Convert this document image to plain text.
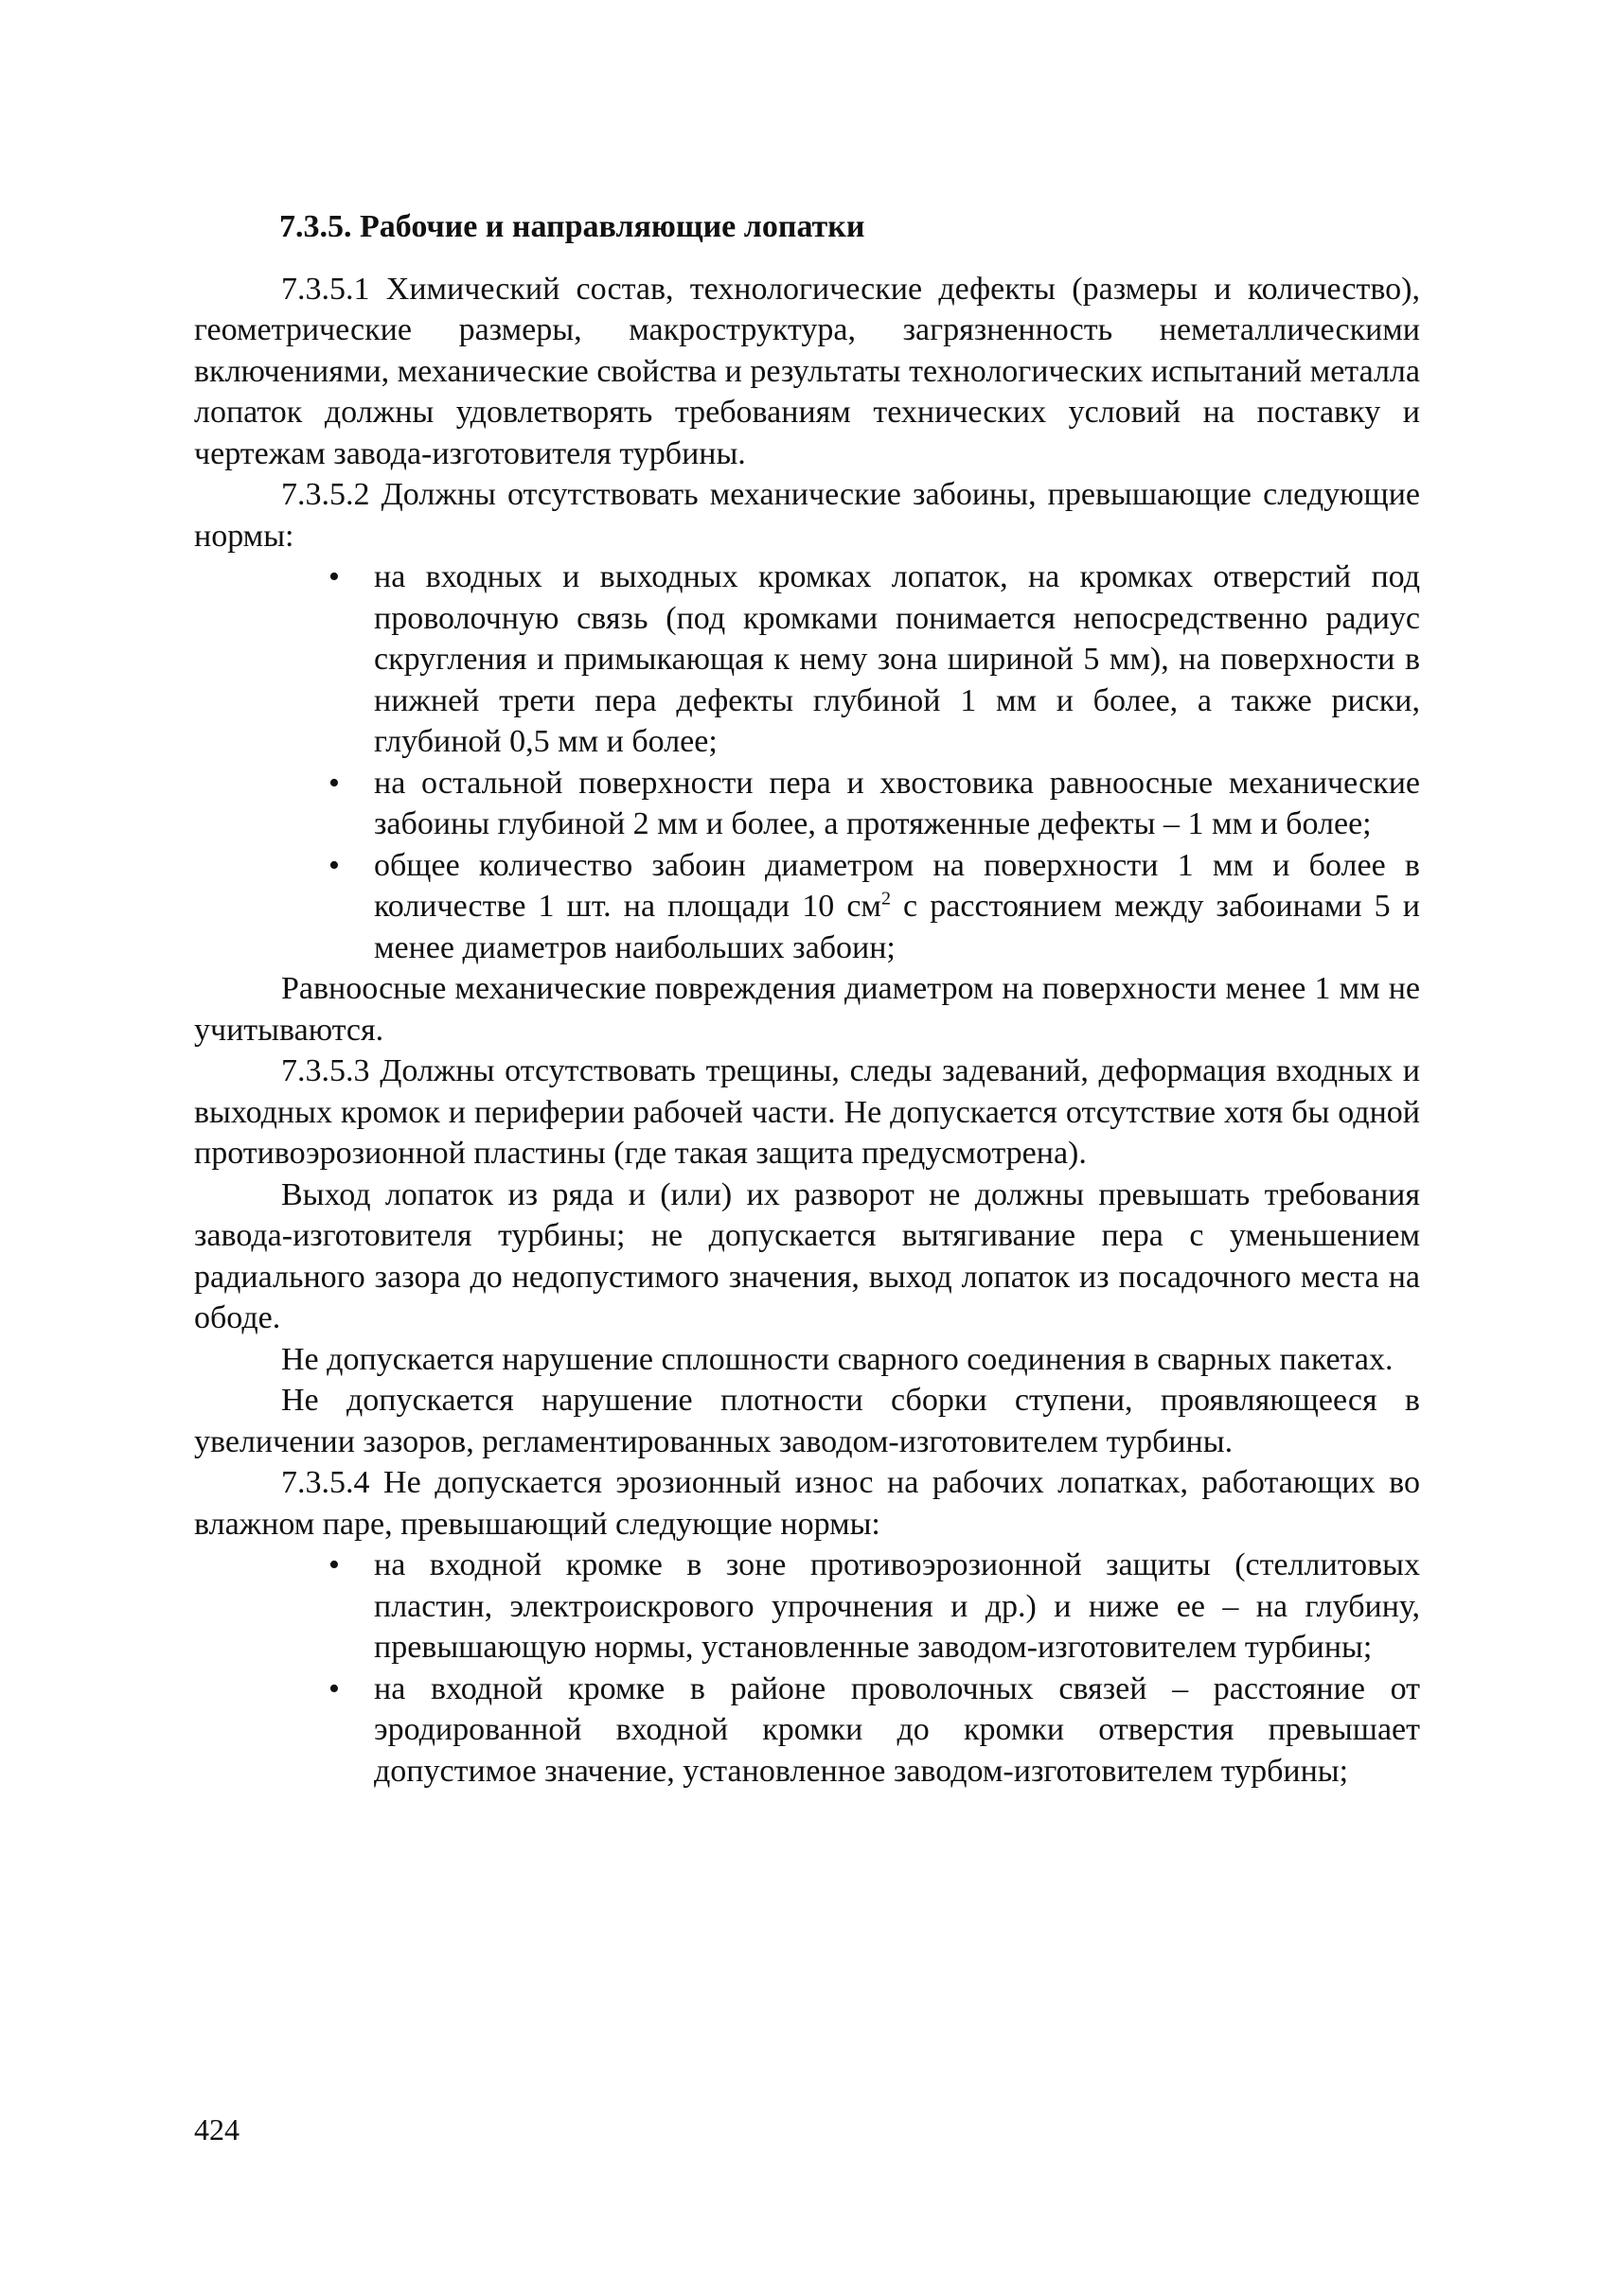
7.3.5. Рабочие и направляющие лопатки

7.3.5.1 Химический состав, технологические дефекты (размеры и количество), геометрические размеры, макроструктура, загрязненность неметаллическими включениями, механические свойства и результаты технологических испытаний металла лопаток должны удовлетворять требованиям технических условий на поставку и чертежам завода-изготовителя турбины.

7.3.5.2 Должны отсутствовать механические забоины, превышающие следующие нормы:

• на входных и выходных кромках лопаток, на кромках отверстий под проволочную связь (под кромками понимается непосредственно радиус скругления и примыкающая к нему зона шириной 5 мм), на поверхности в нижней трети пера дефекты глубиной 1 мм и более, а также риски, глубиной 0,5 мм и более;
• на остальной поверхности пера и хвостовика равноосные механические забоины глубиной 2 мм и более, а протяженные дефекты – 1 мм и более;
• общее количество забоин диаметром на поверхности 1 мм и более в количестве 1 шт. на площади 10 $см^2$ с расстоянием между забоинами 5 и менее диаметров наибольших забоин;

Равноосные механические повреждения диаметром на поверхности менее 1 мм не учитываются.

7.3.5.3 Должны отсутствовать трещины, следы задеваний, деформация входных и выходных кромок и периферии рабочей части. Не допускается отсутствие хотя бы одной противоэрозионной пластины (где такая защита предусмотрена).

Выход лопаток из ряда и (или) их разворот не должны превышать требования завода-изготовителя турбины; не допускается вытягивание пера с уменьшением радиального зазора до недопустимого значения, выход лопаток из посадочного места на ободе.

Не допускается нарушение сплошности сварного соединения в сварных пакетах.

Не допускается нарушение плотности сборки ступени, проявляющееся в увеличении зазоров, регламентированных заводом-изготовителем турбины.

7.3.5.4 Не допускается эрозионный износ на рабочих лопатках, работающих во влажном паре, превышающий следующие нормы:

• на входной кромке в зоне противоэрозионной защиты (стеллитовых пластин, электроискрового упрочнения и др.) и ниже ее – на глубину, превышающую нормы, установленные заводом-изготовителем турбины;
• на входной кромке в районе проволочных связей – расстояние от эродированной входной кромки до кромки отверстия превышает допустимое значение, установленное заводом-изготовителем турбины;
424
